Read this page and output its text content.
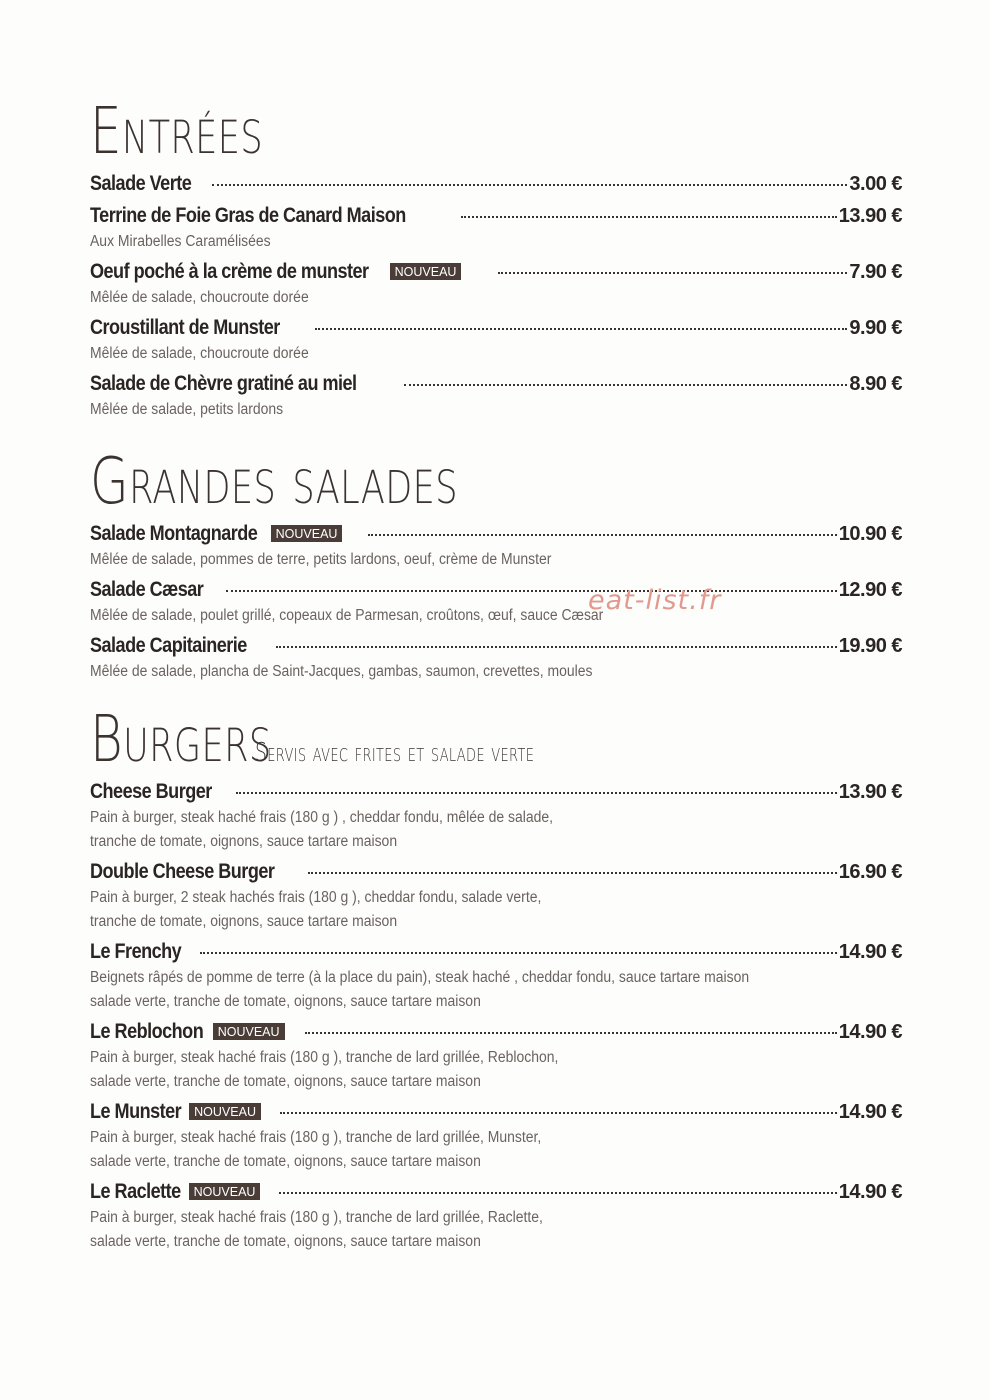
Entrées
Salade Verte	3.00 €
Terrine de Foie Gras de Canard Maison	13.90 €
Aux Mirabelles Caramélisées
Oeuf poché à la crème de munster	NOUVEAU	7.90 €
Mêlée de salade, choucroute dorée
Croustillant de Munster	9.90 €
Mêlée de salade, choucroute dorée
Salade de Chèvre gratiné au miel	8.90 €
Mêlée de salade, petits lardons
Grandes salades
Salade Montagnarde	NOUVEAU	10.90 €
Mêlée de salade, pommes de terre, petits lardons, oeuf, crème de Munster
Salade Cæsar	12.90 €
Mêlée de salade, poulet grillé, copeaux de Parmesan, croûtons, œuf, sauce Cæsar
Salade Capitainerie	19.90 €
Mêlée de salade, plancha de Saint-Jacques, gambas, saumon, crevettes, moules
Burgers Servis avec frites et salade verte
Cheese Burger	13.90 €
Pain à burger, steak haché frais (180 g ) , cheddar fondu, mêlée de salade,
tranche de tomate, oignons, sauce tartare maison
Double Cheese Burger	16.90 €
Pain à burger, 2 steak hachés frais (180 g ), cheddar fondu, salade verte,
tranche de tomate, oignons, sauce tartare maison
Le Frenchy	14.90 €
Beignets râpés de pomme de terre (à la place du pain), steak haché , cheddar fondu, sauce tartare maison
salade verte, tranche de tomate, oignons, sauce tartare maison
Le Reblochon	NOUVEAU	14.90 €
Pain à burger, steak haché frais (180 g ), tranche de lard grillée, Reblochon,
salade verte, tranche de tomate, oignons, sauce tartare maison
Le Munster	NOUVEAU	14.90 €
Pain à burger, steak haché frais (180 g ), tranche de lard grillée, Munster,
salade verte, tranche de tomate, oignons, sauce tartare maison
Le Raclette	NOUVEAU	14.90 €
Pain à burger, steak haché frais (180 g ), tranche de lard grillée, Raclette,
salade verte, tranche de tomate, oignons, sauce tartare maison
eat-list.fr
